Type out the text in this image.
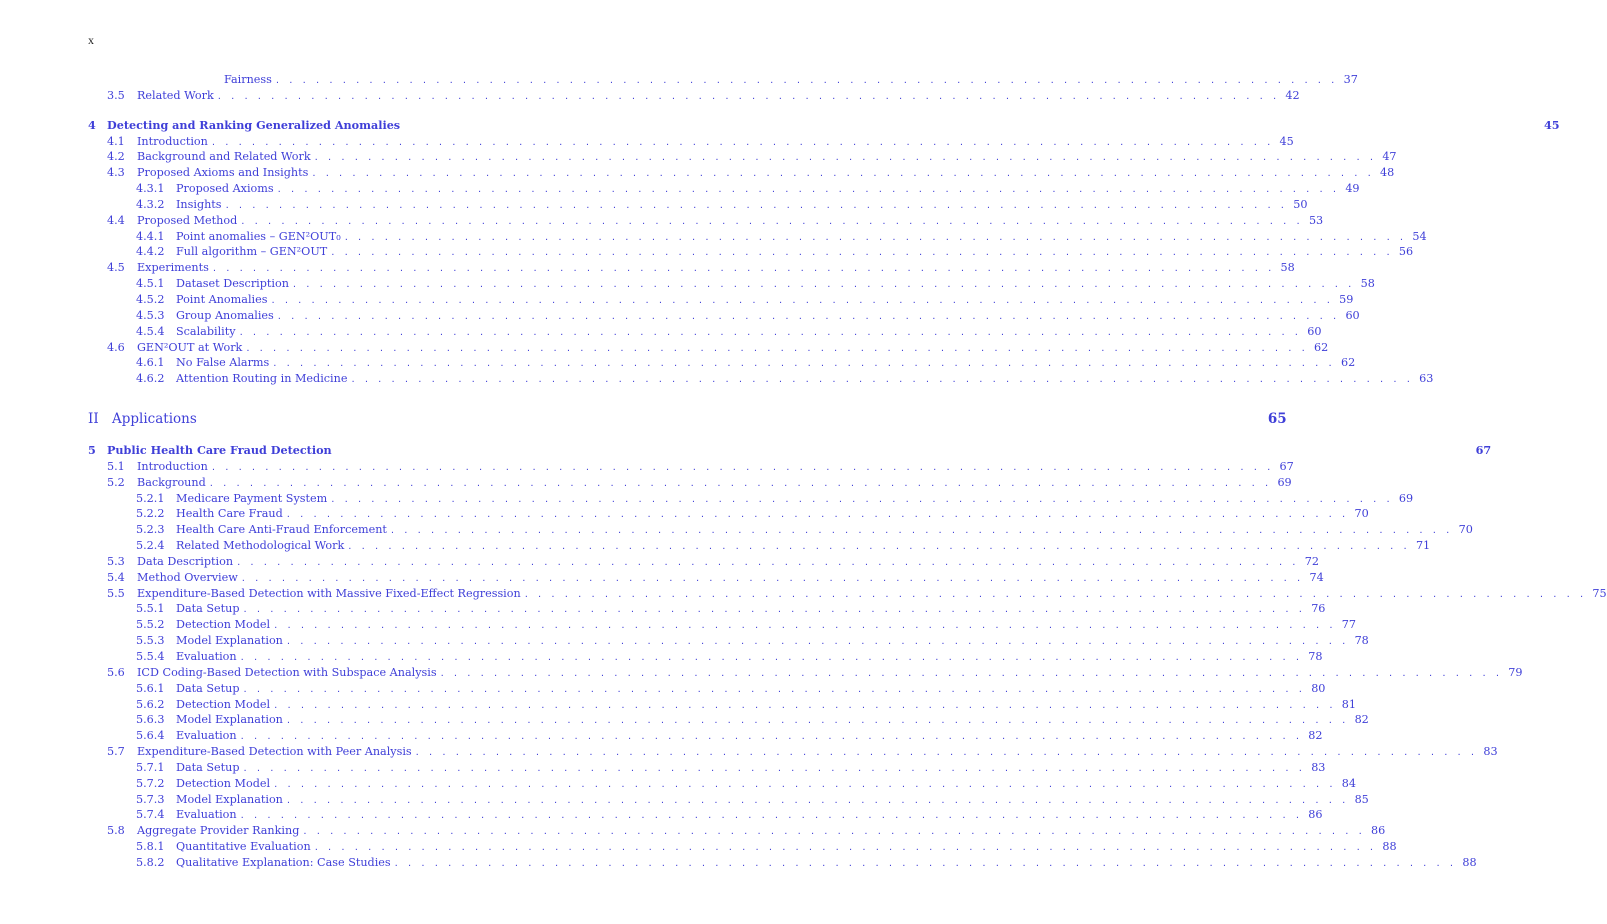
x
Fairness . . . . . . . . . . . . . . . . . . . . . . . . . . . . . . . . . . . . . . . . . . . . . . . . . . . . . . . . . . . . . . . . . . . . . . . . . . . . . . . . 37
3.5	Related Work . . . . . . . . . . . . . . . . . . . . . . . . . . . . . . . . . . . . . . . . . . . . . . . . . . . . . . . . . . . . . . . . . . . . . . . . . . . . . . . . 42
4	Detecting and Ranking Generalized Anomalies	45
4.1	Introduction . . . . . . . . . . . . . . . . . . . . . . . . . . . . . . . . . . . . . . . . . . . . . . . . . . . . . . . . . . . . . . . . . . . . . . . . . . . . . . . . 45
4.2	Background and Related Work . . . . . . . . . . . . . . . . . . . . . . . . . . . . . . . . . . . . . . . . . . . . . . . . . . . . . . . . . . . . . . . . . . . . . . . . . . . . . . . . 47
4.3	Proposed Axioms and Insights . . . . . . . . . . . . . . . . . . . . . . . . . . . . . . . . . . . . . . . . . . . . . . . . . . . . . . . . . . . . . . . . . . . . . . . . . . . . . . . . 48
4.3.1	Proposed Axioms . . . . . . . . . . . . . . . . . . . . . . . . . . . . . . . . . . . . . . . . . . . . . . . . . . . . . . . . . . . . . . . . . . . . . . . . . . . . . . . . 49
4.3.2	Insights . . . . . . . . . . . . . . . . . . . . . . . . . . . . . . . . . . . . . . . . . . . . . . . . . . . . . . . . . . . . . . . . . . . . . . . . . . . . . . . . 50
4.4	Proposed Method . . . . . . . . . . . . . . . . . . . . . . . . . . . . . . . . . . . . . . . . . . . . . . . . . . . . . . . . . . . . . . . . . . . . . . . . . . . . . . . . 53
4.4.1	Point anomalies – GEN²OUT₀ . . . . . . . . . . . . . . . . . . . . . . . . . . . . . . . . . . . . . . . . . . . . . . . . . . . . . . . . . . . . . . . . . . . . . . . . . . . . . . . . 54
4.4.2	Full algorithm – GEN²OUT . . . . . . . . . . . . . . . . . . . . . . . . . . . . . . . . . . . . . . . . . . . . . . . . . . . . . . . . . . . . . . . . . . . . . . . . . . . . . . . . 56
4.5	Experiments . . . . . . . . . . . . . . . . . . . . . . . . . . . . . . . . . . . . . . . . . . . . . . . . . . . . . . . . . . . . . . . . . . . . . . . . . . . . . . . . 58
4.5.1	Dataset Description . . . . . . . . . . . . . . . . . . . . . . . . . . . . . . . . . . . . . . . . . . . . . . . . . . . . . . . . . . . . . . . . . . . . . . . . . . . . . . . . 58
4.5.2	Point Anomalies . . . . . . . . . . . . . . . . . . . . . . . . . . . . . . . . . . . . . . . . . . . . . . . . . . . . . . . . . . . . . . . . . . . . . . . . . . . . . . . . 59
4.5.3	Group Anomalies . . . . . . . . . . . . . . . . . . . . . . . . . . . . . . . . . . . . . . . . . . . . . . . . . . . . . . . . . . . . . . . . . . . . . . . . . . . . . . . . 60
4.5.4	Scalability . . . . . . . . . . . . . . . . . . . . . . . . . . . . . . . . . . . . . . . . . . . . . . . . . . . . . . . . . . . . . . . . . . . . . . . . . . . . . . . . 60
4.6	GEN²OUT at Work . . . . . . . . . . . . . . . . . . . . . . . . . . . . . . . . . . . . . . . . . . . . . . . . . . . . . . . . . . . . . . . . . . . . . . . . . . . . . . . . 62
4.6.1	No False Alarms . . . . . . . . . . . . . . . . . . . . . . . . . . . . . . . . . . . . . . . . . . . . . . . . . . . . . . . . . . . . . . . . . . . . . . . . . . . . . . . . 62
4.6.2	Attention Routing in Medicine . . . . . . . . . . . . . . . . . . . . . . . . . . . . . . . . . . . . . . . . . . . . . . . . . . . . . . . . . . . . . . . . . . . . . . . . . . . . . . . . 63
II Applications	65
5	Public Health Care Fraud Detection	67
5.1	Introduction . . . . . . . . . . . . . . . . . . . . . . . . . . . . . . . . . . . . . . . . . . . . . . . . . . . . . . . . . . . . . . . . . . . . . . . . . . . . . . . . 67
5.2	Background . . . . . . . . . . . . . . . . . . . . . . . . . . . . . . . . . . . . . . . . . . . . . . . . . . . . . . . . . . . . . . . . . . . . . . . . . . . . . . . . 69
5.2.1	Medicare Payment System . . . . . . . . . . . . . . . . . . . . . . . . . . . . . . . . . . . . . . . . . . . . . . . . . . . . . . . . . . . . . . . . . . . . . . . . . . . . . . . . 69
5.2.2	Health Care Fraud . . . . . . . . . . . . . . . . . . . . . . . . . . . . . . . . . . . . . . . . . . . . . . . . . . . . . . . . . . . . . . . . . . . . . . . . . . . . . . . . 70
5.2.3	Health Care Anti-Fraud Enforcement . . . . . . . . . . . . . . . . . . . . . . . . . . . . . . . . . . . . . . . . . . . . . . . . . . . . . . . . . . . . . . . . . . . . . . . . . . . . . . . . 70
5.2.4	Related Methodological Work . . . . . . . . . . . . . . . . . . . . . . . . . . . . . . . . . . . . . . . . . . . . . . . . . . . . . . . . . . . . . . . . . . . . . . . . . . . . . . . . 71
5.3	Data Description . . . . . . . . . . . . . . . . . . . . . . . . . . . . . . . . . . . . . . . . . . . . . . . . . . . . . . . . . . . . . . . . . . . . . . . . . . . . . . . . 72
5.4	Method Overview . . . . . . . . . . . . . . . . . . . . . . . . . . . . . . . . . . . . . . . . . . . . . . . . . . . . . . . . . . . . . . . . . . . . . . . . . . . . . . . . 74
5.5	Expenditure-Based Detection with Massive Fixed-Effect Regression . . . . . . . . . . . . . . . . . . . . . . . . . . . . . . . . . . . . . . . . . . . . . . . . . . . . . . . . . . . . . . . . . . . . . . . . . . . . . . . . 75
5.5.1	Data Setup . . . . . . . . . . . . . . . . . . . . . . . . . . . . . . . . . . . . . . . . . . . . . . . . . . . . . . . . . . . . . . . . . . . . . . . . . . . . . . . . 76
5.5.2	Detection Model . . . . . . . . . . . . . . . . . . . . . . . . . . . . . . . . . . . . . . . . . . . . . . . . . . . . . . . . . . . . . . . . . . . . . . . . . . . . . . . . 77
5.5.3	Model Explanation . . . . . . . . . . . . . . . . . . . . . . . . . . . . . . . . . . . . . . . . . . . . . . . . . . . . . . . . . . . . . . . . . . . . . . . . . . . . . . . . 78
5.5.4	Evaluation . . . . . . . . . . . . . . . . . . . . . . . . . . . . . . . . . . . . . . . . . . . . . . . . . . . . . . . . . . . . . . . . . . . . . . . . . . . . . . . . 78
5.6	ICD Coding-Based Detection with Subspace Analysis . . . . . . . . . . . . . . . . . . . . . . . . . . . . . . . . . . . . . . . . . . . . . . . . . . . . . . . . . . . . . . . . . . . . . . . . . . . . . . . . 79
5.6.1	Data Setup . . . . . . . . . . . . . . . . . . . . . . . . . . . . . . . . . . . . . . . . . . . . . . . . . . . . . . . . . . . . . . . . . . . . . . . . . . . . . . . . 80
5.6.2	Detection Model . . . . . . . . . . . . . . . . . . . . . . . . . . . . . . . . . . . . . . . . . . . . . . . . . . . . . . . . . . . . . . . . . . . . . . . . . . . . . . . . 81
5.6.3	Model Explanation . . . . . . . . . . . . . . . . . . . . . . . . . . . . . . . . . . . . . . . . . . . . . . . . . . . . . . . . . . . . . . . . . . . . . . . . . . . . . . . . 82
5.6.4	Evaluation . . . . . . . . . . . . . . . . . . . . . . . . . . . . . . . . . . . . . . . . . . . . . . . . . . . . . . . . . . . . . . . . . . . . . . . . . . . . . . . . 82
5.7	Expenditure-Based Detection with Peer Analysis . . . . . . . . . . . . . . . . . . . . . . . . . . . . . . . . . . . . . . . . . . . . . . . . . . . . . . . . . . . . . . . . . . . . . . . . . . . . . . . . 83
5.7.1	Data Setup . . . . . . . . . . . . . . . . . . . . . . . . . . . . . . . . . . . . . . . . . . . . . . . . . . . . . . . . . . . . . . . . . . . . . . . . . . . . . . . . 83
5.7.2	Detection Model . . . . . . . . . . . . . . . . . . . . . . . . . . . . . . . . . . . . . . . . . . . . . . . . . . . . . . . . . . . . . . . . . . . . . . . . . . . . . . . . 84
5.7.3	Model Explanation . . . . . . . . . . . . . . . . . . . . . . . . . . . . . . . . . . . . . . . . . . . . . . . . . . . . . . . . . . . . . . . . . . . . . . . . . . . . . . . . 85
5.7.4	Evaluation . . . . . . . . . . . . . . . . . . . . . . . . . . . . . . . . . . . . . . . . . . . . . . . . . . . . . . . . . . . . . . . . . . . . . . . . . . . . . . . . 86
5.8	Aggregate Provider Ranking . . . . . . . . . . . . . . . . . . . . . . . . . . . . . . . . . . . . . . . . . . . . . . . . . . . . . . . . . . . . . . . . . . . . . . . . . . . . . . . . 86
5.8.1	Quantitative Evaluation . . . . . . . . . . . . . . . . . . . . . . . . . . . . . . . . . . . . . . . . . . . . . . . . . . . . . . . . . . . . . . . . . . . . . . . . . . . . . . . . 88
5.8.2	Qualitative Explanation: Case Studies . . . . . . . . . . . . . . . . . . . . . . . . . . . . . . . . . . . . . . . . . . . . . . . . . . . . . . . . . . . . . . . . . . . . . . . . . . . . . . . . 88
